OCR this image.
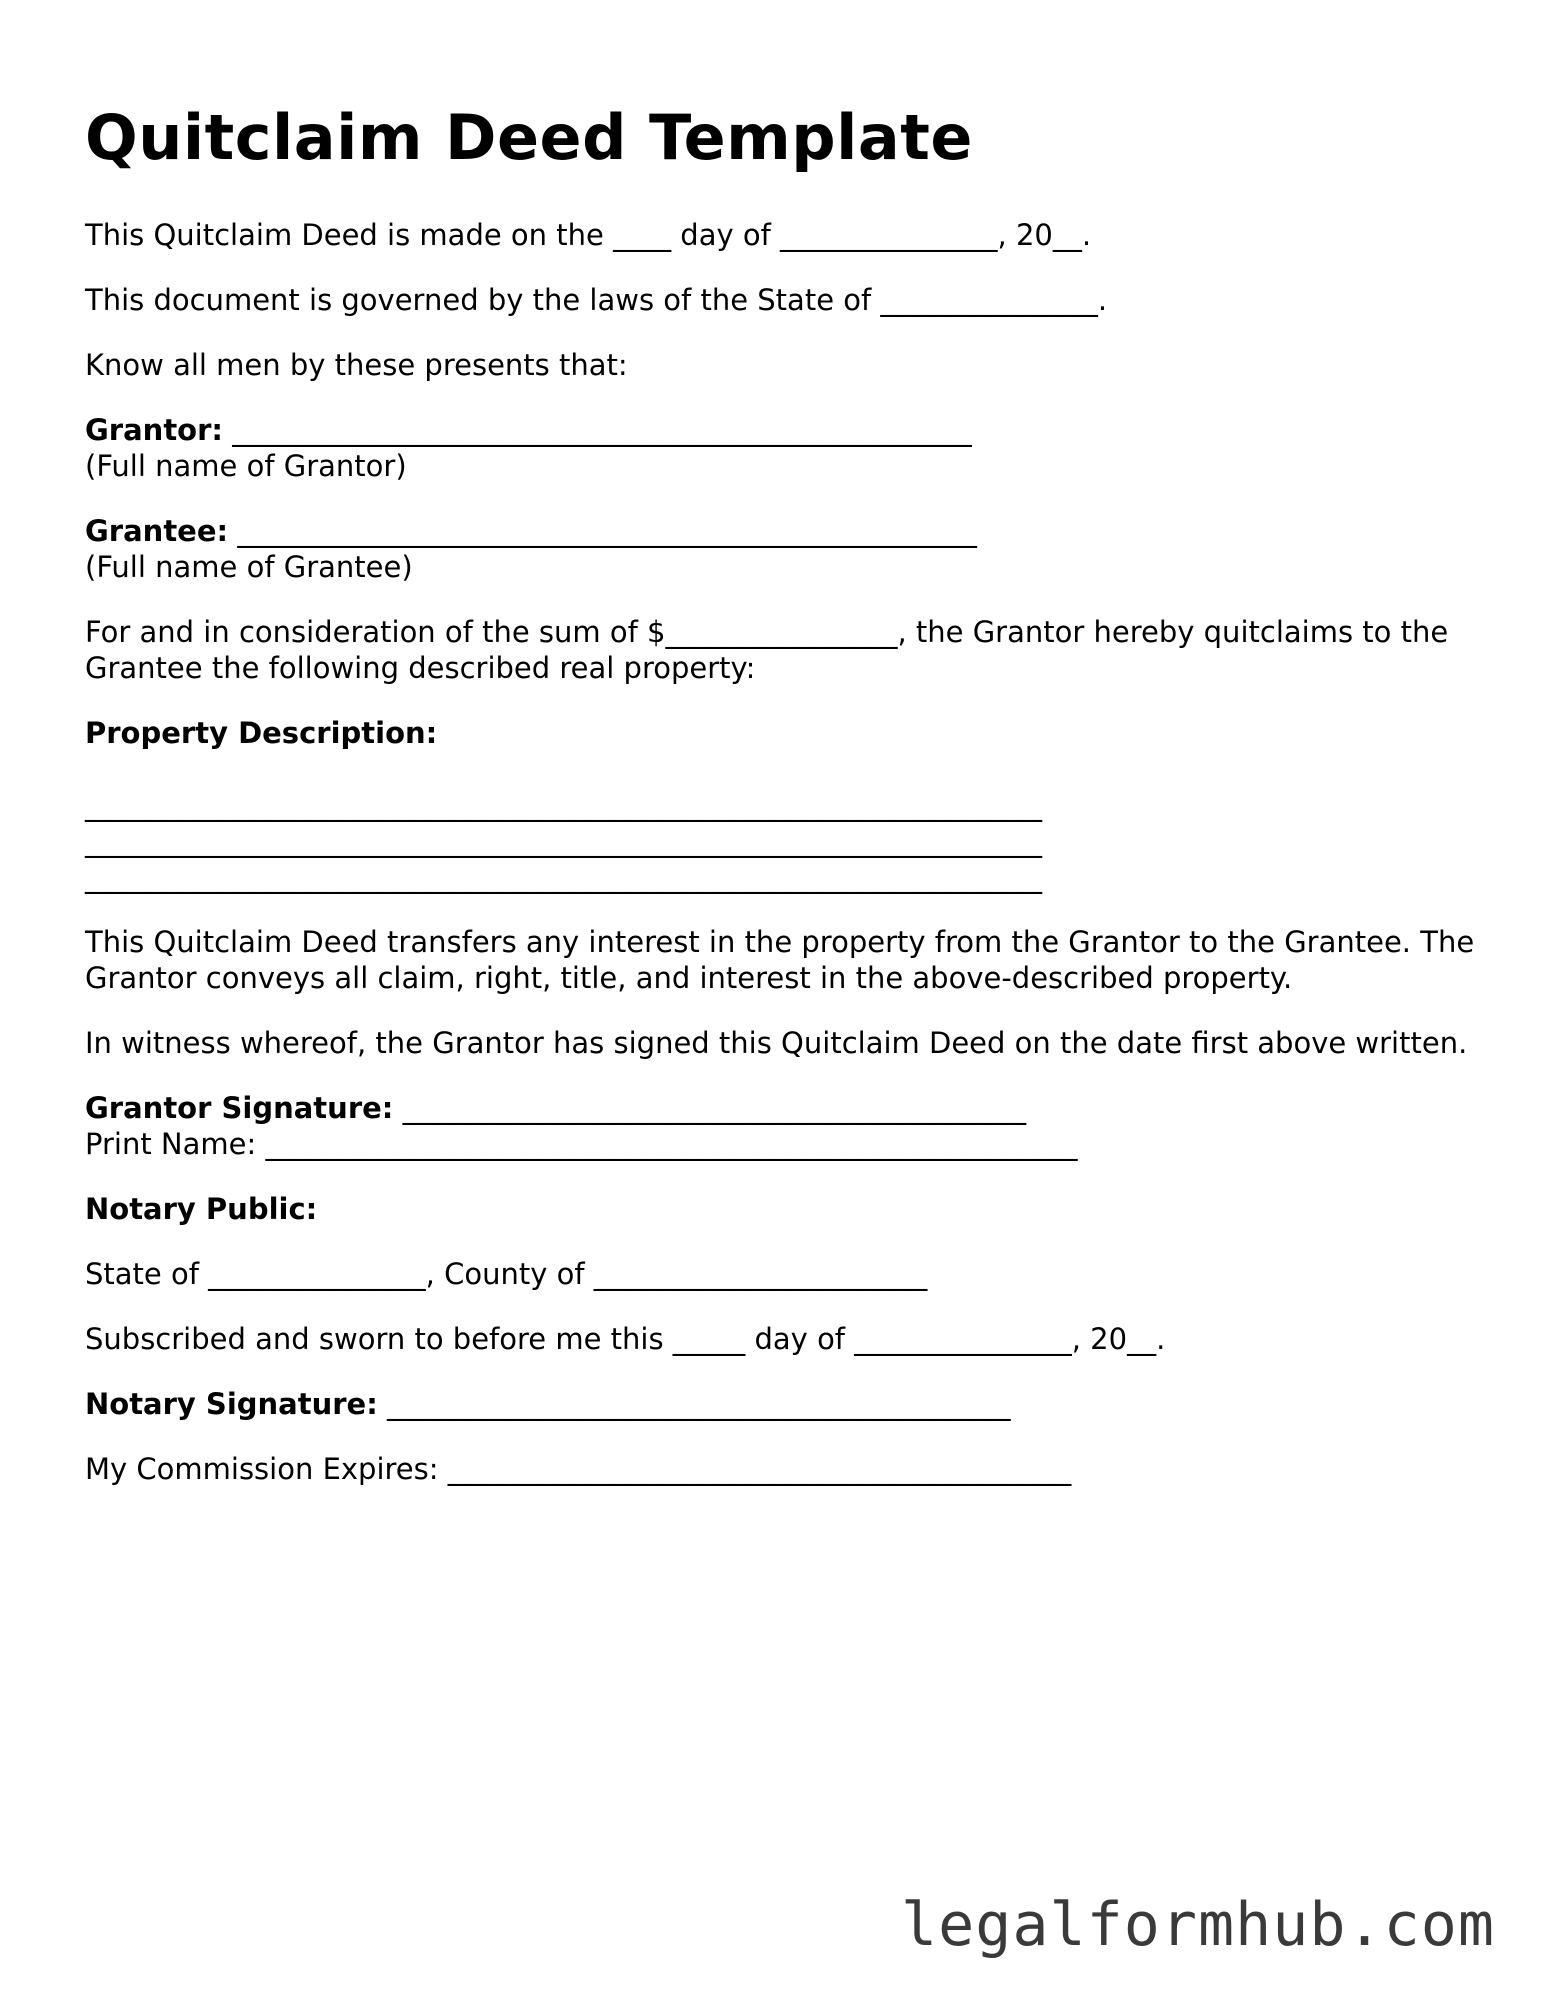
Quitclaim Deed Template

This Quitclaim Deed is made on the ____ day of _______________, 20__.

This document is governed by the laws of the State of _______________.

Know all men by these presents that:

Grantor: ___________________________________________________
(Full name of Grantor)

Grantee: ___________________________________________________
(Full name of Grantee)

For and in consideration of the sum of $________________, the Grantor hereby quitclaims to the Grantee the following described real property:

Property Description:

__________________________________________________________________

__________________________________________________________________

__________________________________________________________________

This Quitclaim Deed transfers any interest in the property from the Grantor to the Grantee. The Grantor conveys all claim, right, title, and interest in the above-described property.

In witness whereof, the Grantor has signed this Quitclaim Deed on the date first above written.

Grantor Signature: ___________________________________________
Print Name: ________________________________________________________

Notary Public:

State of _______________, County of _______________________

Subscribed and sworn to before me this _____ day of _______________, 20__.

Notary Signature: ___________________________________________

My Commission Expires: ___________________________________________

legalformhub.com
